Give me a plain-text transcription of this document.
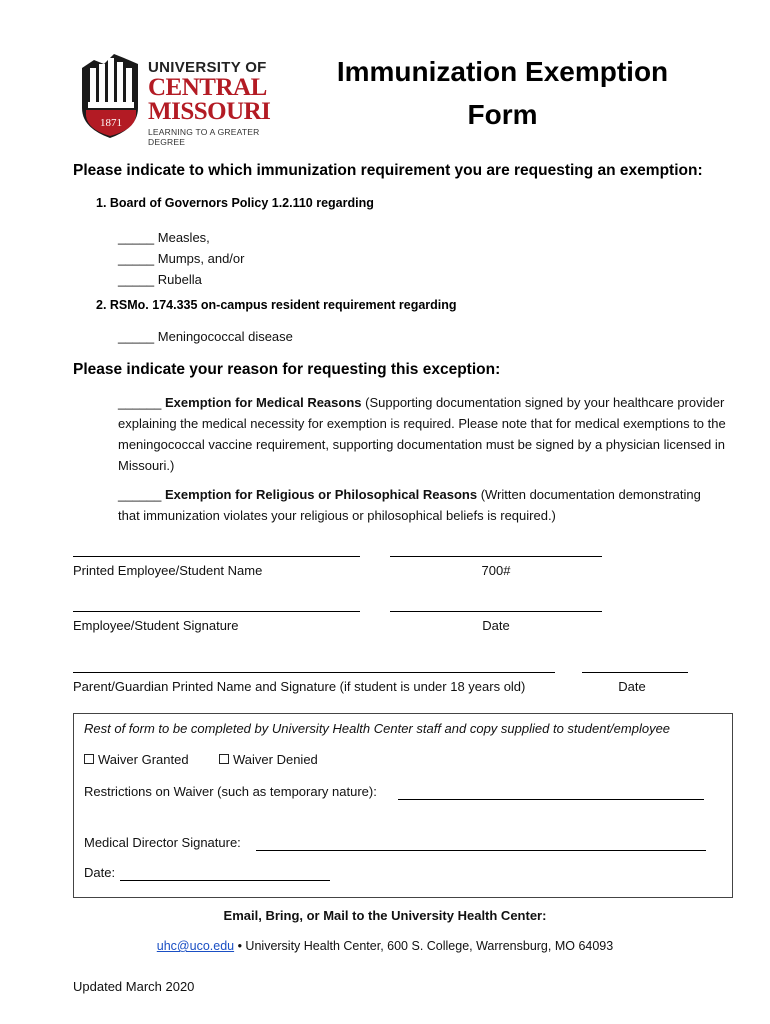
1871
UNIVERSITY OF
CENTRAL
MISSOURI
LEARNING TO A GREATER DEGREE
Immunization Exemption
Form
Please indicate to which immunization requirement you are requesting an exemption:
1. Board of Governors Policy 1.2.110 regarding
_____ Measles,
_____ Mumps, and/or
_____ Rubella
2. RSMo. 174.335 on-campus resident requirement regarding
_____ Meningococcal disease
Please indicate your reason for requesting this exception:
______ Exemption for Medical Reasons (Supporting documentation signed by your healthcare provider explaining the medical necessity for exemption is required. Please note that for medical exemptions to the meningococcal vaccine requirement, supporting documentation must be signed by a physician licensed in Missouri.)
______ Exemption for Religious or Philosophical Reasons (Written documentation demonstrating that immunization violates your religious or philosophical beliefs is required.)
Printed Employee/Student Name	700#
Employee/Student Signature	Date
Parent/Guardian Printed Name and Signature (if student is under 18 years old)	Date
Rest of form to be completed by University Health Center staff and copy supplied to student/employee
Waiver Granted	Waiver Denied
Restrictions on Waiver (such as temporary nature):
Medical Director Signature:
Date:
Email, Bring, or Mail to the University Health Center:
uhc@uco.edu • University Health Center, 600 S. College, Warrensburg, MO 64093
Updated March 2020
